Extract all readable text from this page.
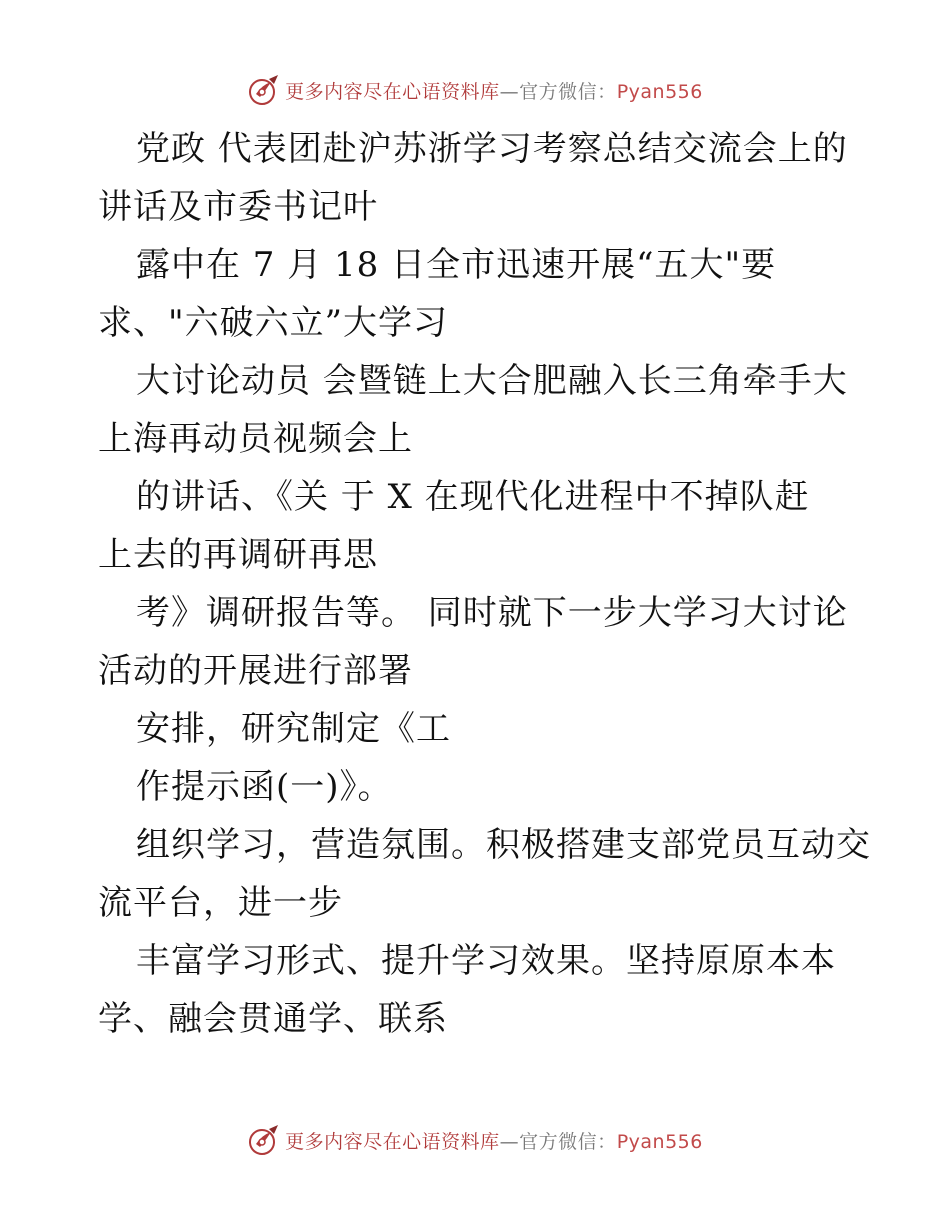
更多内容尽在心语资料库—官方微信：Pyan556
党政 代表团赴沪苏浙学习考察总结交流会上的
讲话及市委书记叶
露中在 7 月 18 日全市迅速开展“五大"要
求、"六破六立”大学习
大讨论动员 会暨链上大合肥融入长三角牵手大
上海再动员视频会上
的讲话、《关 于 X 在现代化进程中不掉队赶
上去的再调研再思
考》调研报告等。 同时就下一步大学习大讨论
活动的开展进行部署
安排，研究制定《工
作提示函(一)》。
组织学习，营造氛围。积极搭建支部党员互动交
流平台，进一步
丰富学习形式、提升学习效果。坚持原原本本
学、融会贯通学、联系
更多内容尽在心语资料库—官方微信：Pyan556
